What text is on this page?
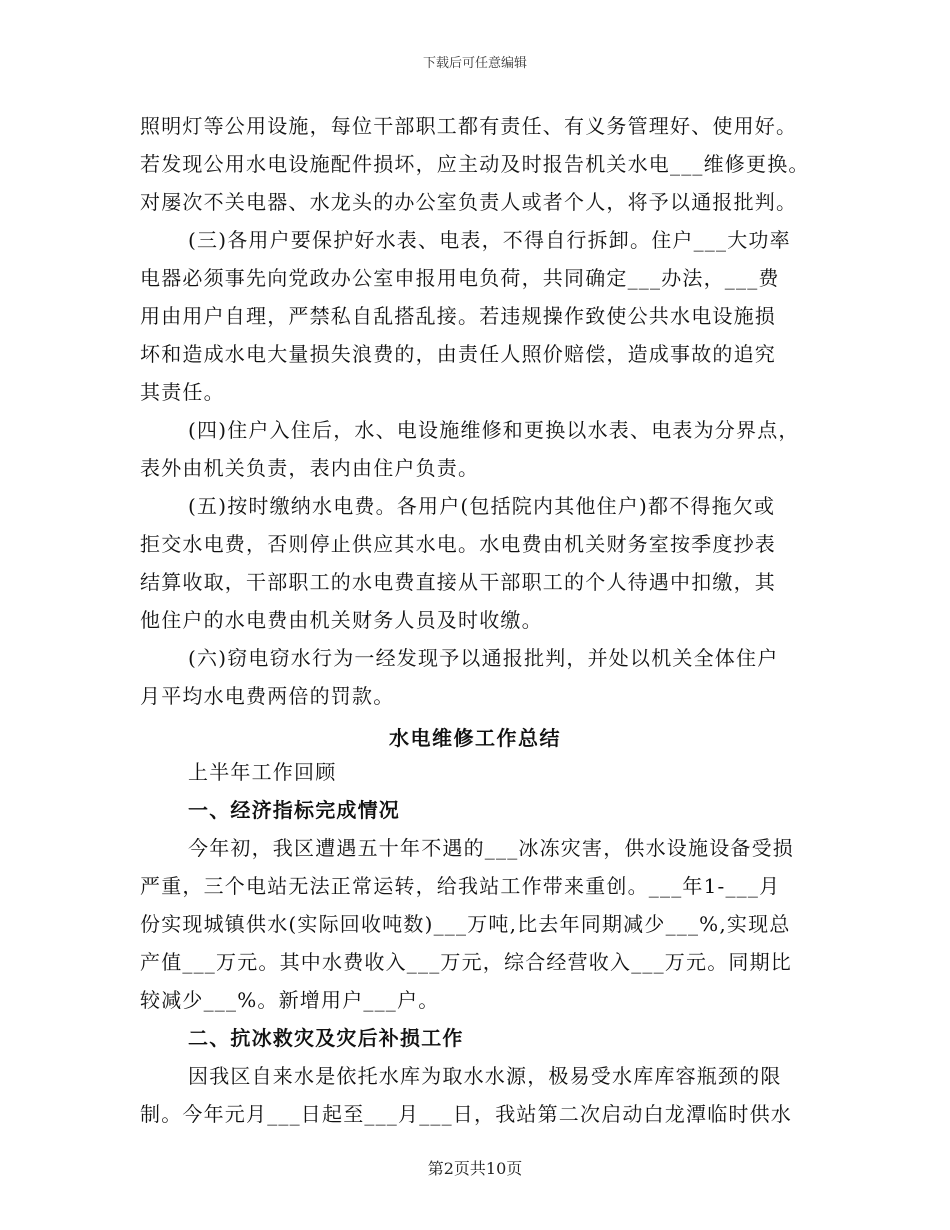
下载后可任意编辑
照明灯等公用设施，每位干部职工都有责任、有义务管理好、使用好。
若发现公用水电设施配件损坏，应主动及时报告机关水电___维修更换。
对屡次不关电器、水龙头的办公室负责人或者个人，将予以通报批判。
(三)各用户要保护好水表、电表，不得自行拆卸。住户___大功率
电器必须事先向党政办公室申报用电负荷，共同确定___办法，___费
用由用户自理，严禁私自乱搭乱接。若违规操作致使公共水电设施损
坏和造成水电大量损失浪费的，由责任人照价赔偿，造成事故的追究
其责任。
(四)住户入住后，水、电设施维修和更换以水表、电表为分界点，
表外由机关负责，表内由住户负责。
(五)按时缴纳水电费。各用户(包括院内其他住户)都不得拖欠或
拒交水电费，否则停止供应其水电。水电费由机关财务室按季度抄表
结算收取，干部职工的水电费直接从干部职工的个人待遇中扣缴，其
他住户的水电费由机关财务人员及时收缴。
(六)窃电窃水行为一经发现予以通报批判，并处以机关全体住户
月平均水电费两倍的罚款。
水电维修工作总结
上半年工作回顾
一、经济指标完成情况
今年初，我区遭遇五十年不遇的___冰冻灾害，供水设施设备受损
严重，三个电站无法正常运转，给我站工作带来重创。___年1-___月
份实现城镇供水(实际回收吨数)___万吨,比去年同期减少___%,实现总
产值___万元。其中水费收入___万元，综合经营收入___万元。同期比
较减少___%。新增用户___户。
二、抗冰救灾及灾后补损工作
因我区自来水是依托水库为取水水源，极易受水库库容瓶颈的限
制。今年元月___日起至___月___日，我站第二次启动白龙潭临时供水
第2页共10页
